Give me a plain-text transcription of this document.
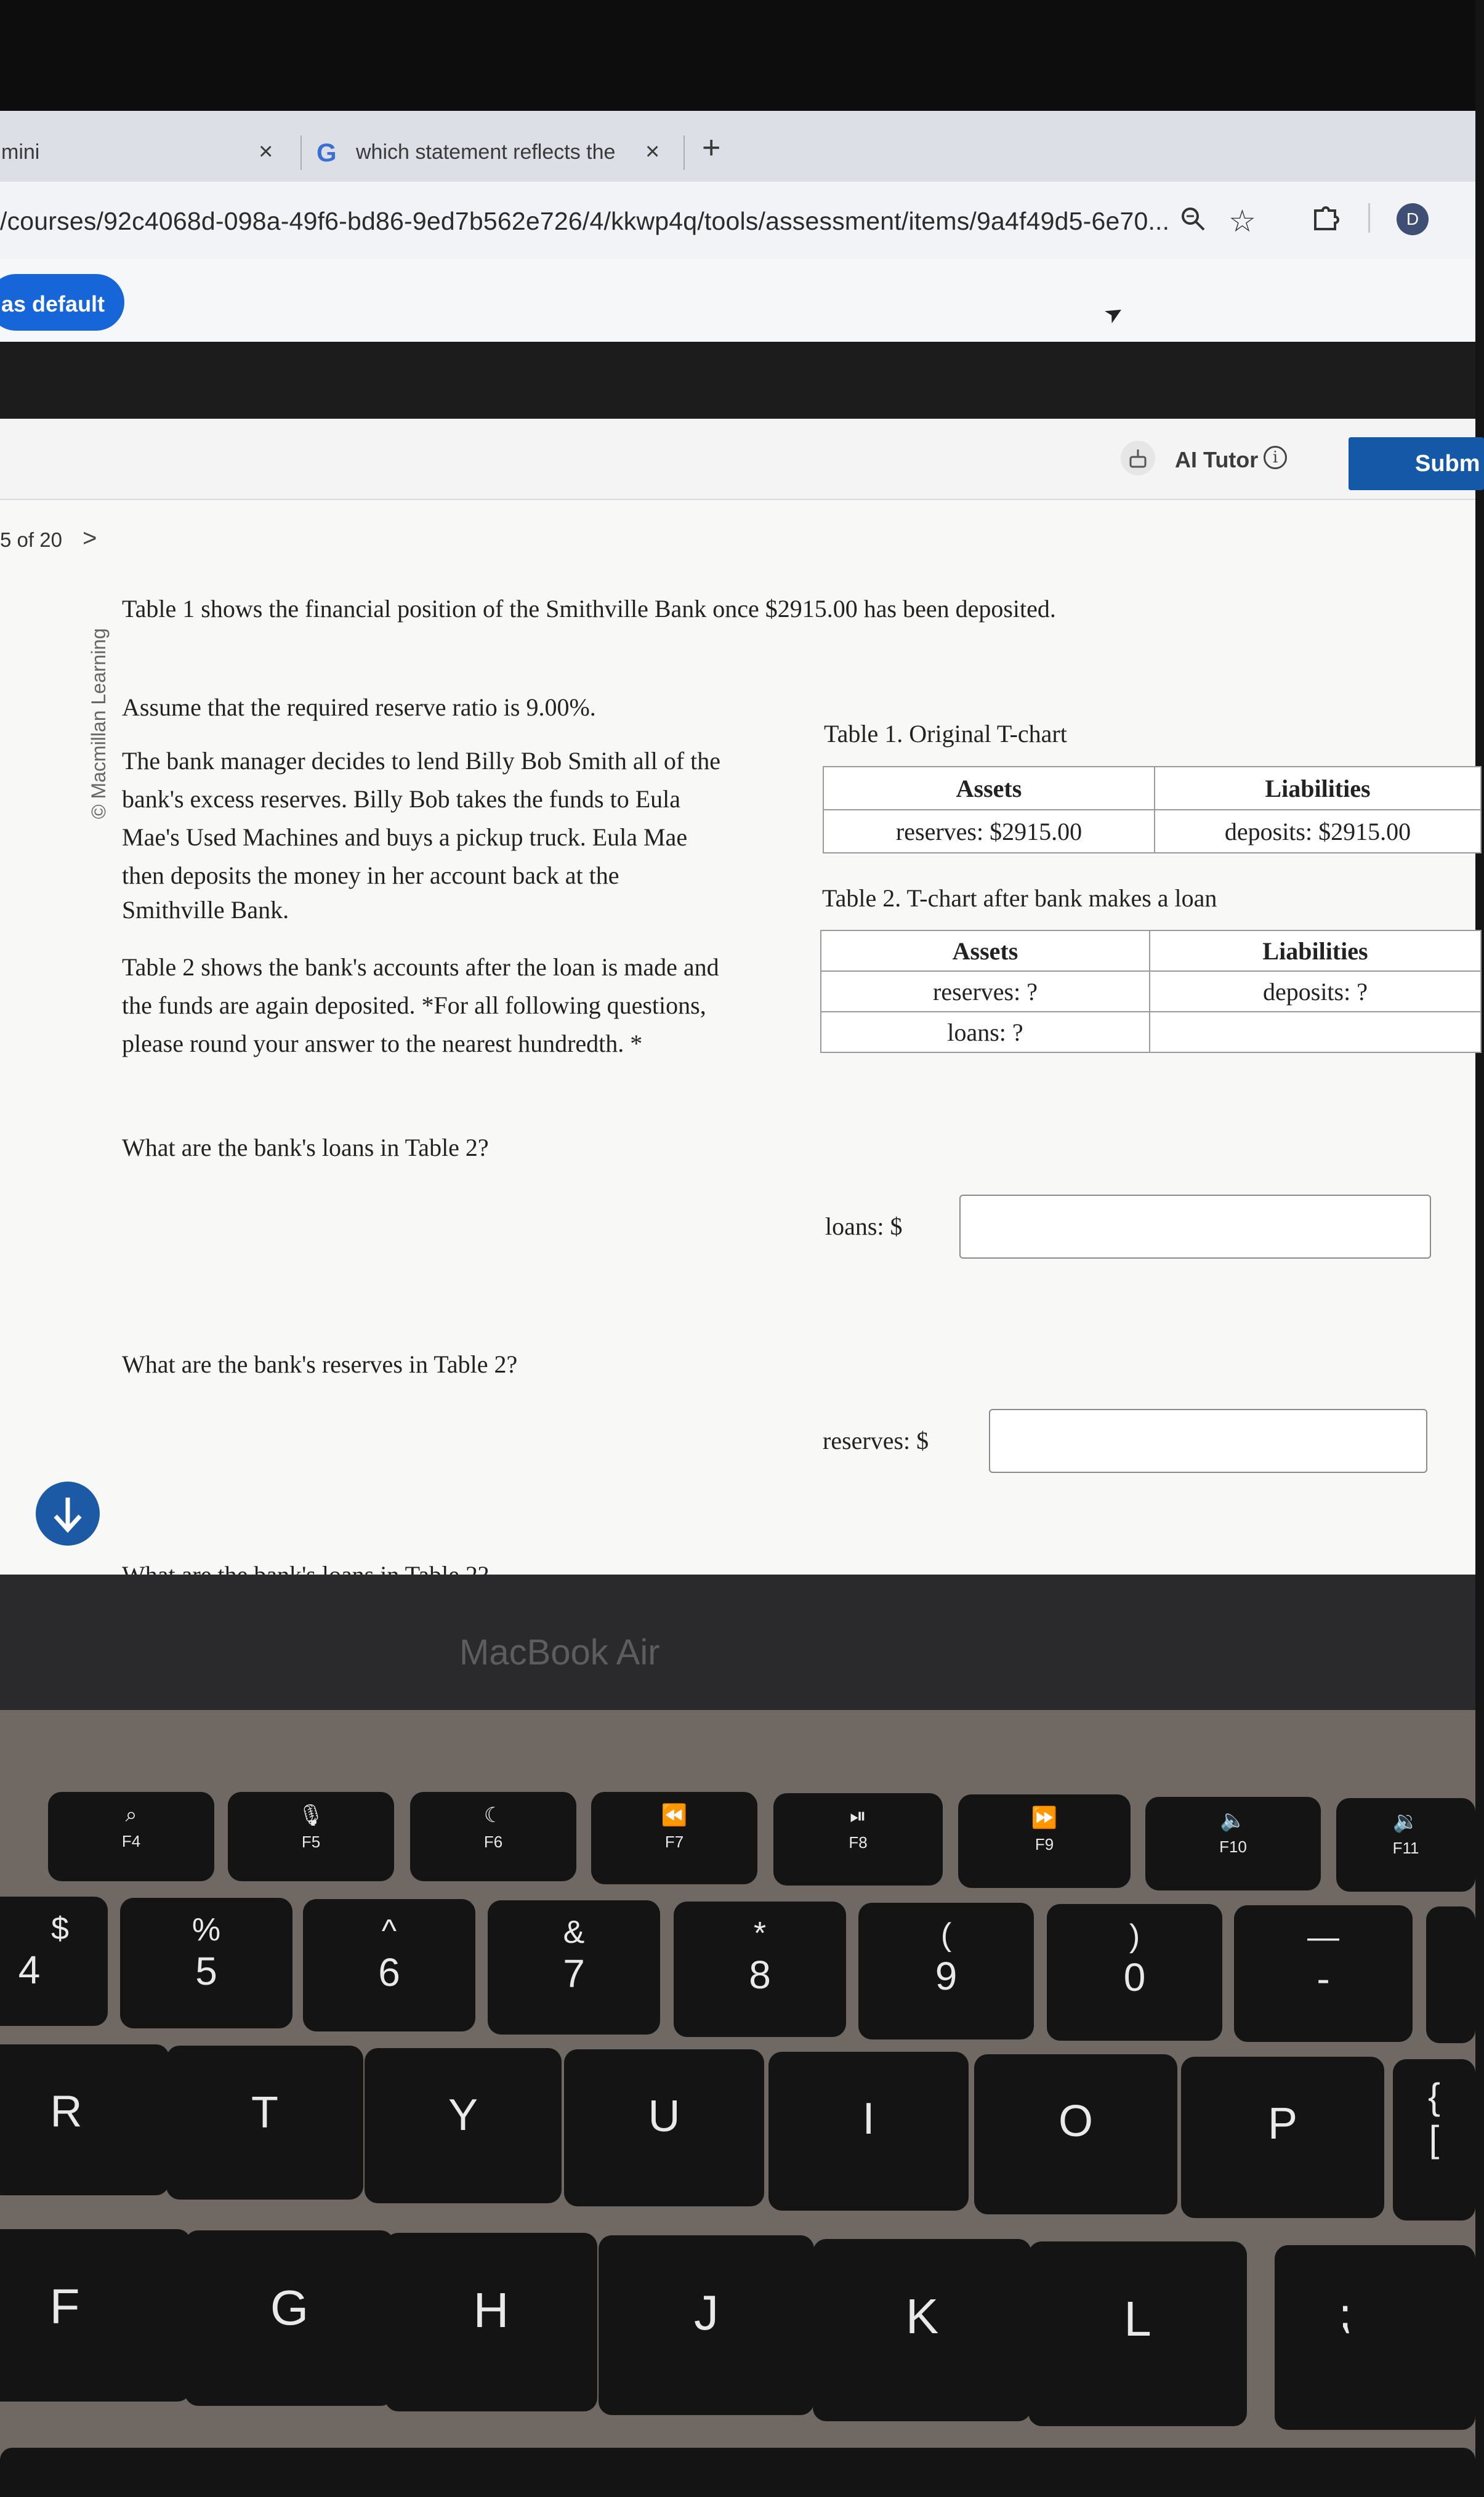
mini	× G which statement reflects the × +
/courses/92c4068d-098a-49f6-bd86-9ed7b562e726/4/kkwp4q/tools/assessment/items/9a4f49d5-6e70... ☆	D
as default	➤
AI Tutor i	Subm
5 of 20 >
© Macmillan Learning
Table 1 shows the financial position of the Smithville Bank once $2915.00 has been deposited.
Assume that the required reserve ratio is 9.00%.
The bank manager decides to lend Billy Bob Smith all of the
bank's excess reserves. Billy Bob takes the funds to Eula
Mae's Used Machines and buys a pickup truck. Eula Mae
then deposits the money in her account back at the
Smithville Bank.
Table 2 shows the bank's accounts after the loan is made and
the funds are again deposited. *For all following questions,
please round your answer to the nearest hundredth. *
Table 1. Original T-chart
Assets	Liabilities
reserves: $2915.00	deposits: $2915.00
Table 2. T-chart after bank makes a loan
Assets	Liabilities
reserves: ?	deposits: ?
loans: ?	
What are the bank's loans in Table 2?
loans: $
What are the bank's reserves in Table 2?
reserves: $
MacBook Air
⌕
F4
🎙
F5
☾
F6
⏪
F7
⏯
F8
⏩
F9
🔈
F10
🔉
F11
$
4
%
5
^
6
&
7
*
8
(
9
)
0
—
-
R	T	Y	U	I	O	P
{
[
F	G	H	J	K	L	⁏
